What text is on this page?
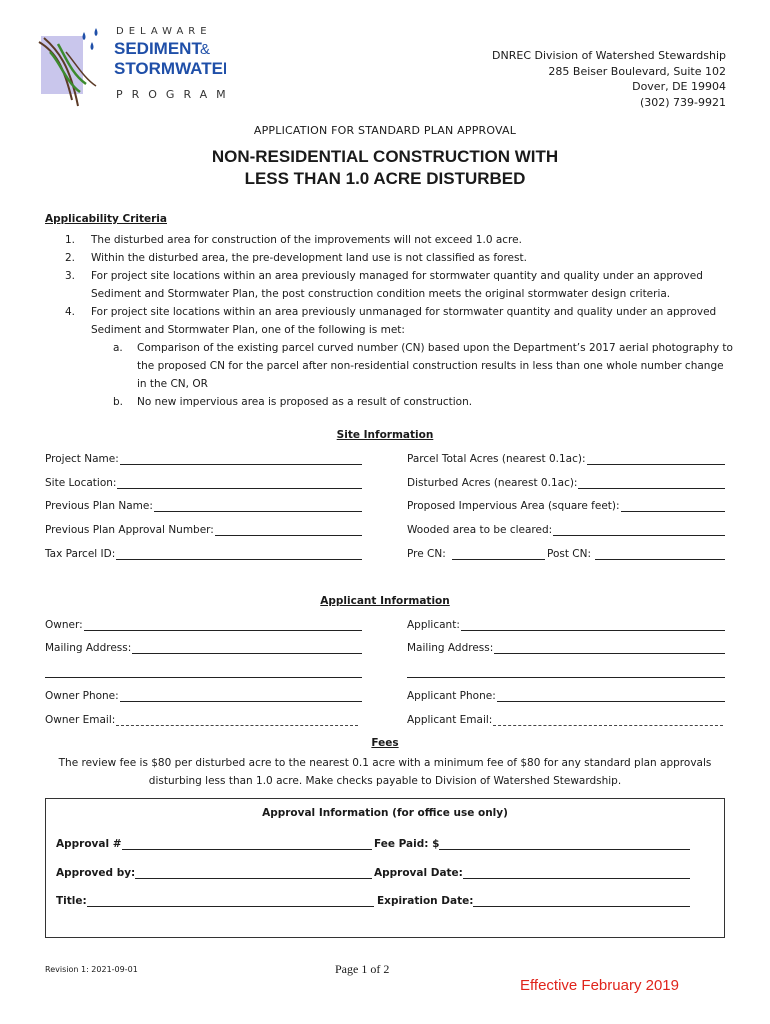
DELAWARE
SEDIMENT
&
STORMWATER
PROGRAM
DNREC Division of Watershed Stewardship
285 Beiser Boulevard, Suite 102
Dover, DE 19904
(302) 739-9921
APPLICATION FOR STANDARD PLAN APPROVAL
NON-RESIDENTIAL CONSTRUCTION WITH
LESS THAN 1.0 ACRE DISTURBED
Applicability Criteria
1. The disturbed area for construction of the improvements will not exceed 1.0 acre.
2. Within the disturbed area, the pre-development land use is not classified as forest.
3. For project site locations within an area previously managed for stormwater quantity and quality under an approved Sediment and Stormwater Plan, the post construction condition meets the original stormwater design criteria.
4. For project site locations within an area previously unmanaged for stormwater quantity and quality under an approved Sediment and Stormwater Plan, one of the following is met:
a. Comparison of the existing parcel curved number (CN) based upon the Department’s 2017 aerial photography to the proposed CN for the parcel after non-residential construction results in less than one whole number change in the CN, OR
b. No new impervious area is proposed as a result of construction.
Site Information
Project Name:	Parcel Total Acres (nearest 0.1ac):
Site Location:	Disturbed Acres (nearest 0.1ac):
Previous Plan Name:	Proposed Impervious Area (square feet):
Previous Plan Approval Number:	Wooded area to be cleared:
Tax Parcel ID:	Pre CN:	Post CN:
Applicant Information
Owner:	Applicant:
Mailing Address:	Mailing Address:
Owner Phone:	Applicant Phone:
Owner Email:	Applicant Email:
Fees
The review fee is $80 per disturbed acre to the nearest 0.1 acre with a minimum fee of $80 for any standard plan approvals
disturbing less than 1.0 acre. Make checks payable to Division of Watershed Stewardship.
Approval Information (for office use only)
Approval #	Fee Paid: $
Approved by:	Approval Date:
Title:	Expiration Date:
Revision 1: 2021-09-01	Page 1 of 2
Effective February 2019
